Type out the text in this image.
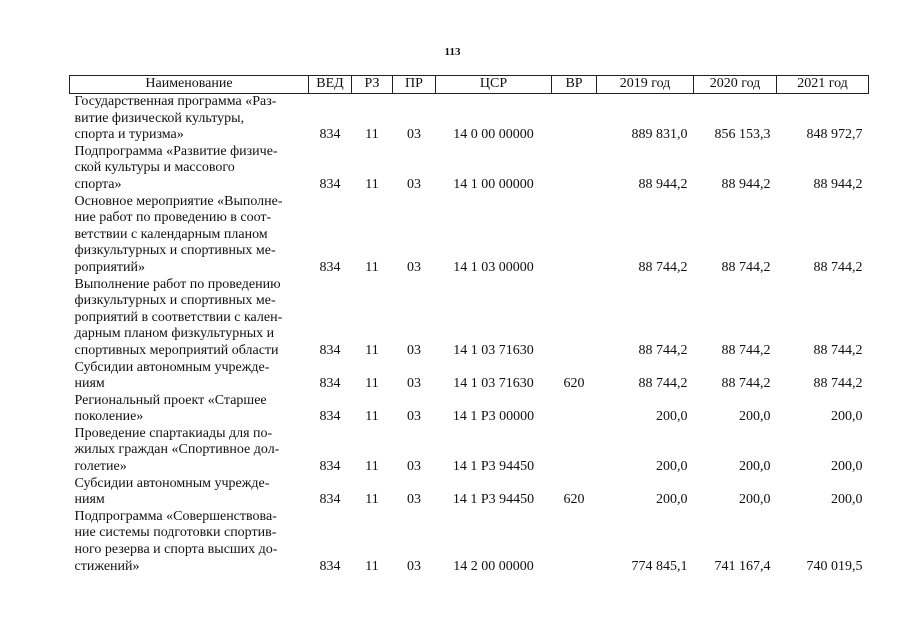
113
Наименование	ВЕД	РЗ	ПР	ЦСР	ВР	2019 год	2020 год	2021 год
Государственная программа «Раз-
витие физической культуры,
спорта и туризма»	834	11	03	14 0 00 00000		889 831,0	856 153,3	848 972,7
Подпрограмма «Развитие физиче-
ской культуры и массового
спорта»	834	11	03	14 1 00 00000		88 944,2	88 944,2	88 944,2
Основное мероприятие «Выполне-
ние работ по проведению в соот-
ветствии с календарным планом
физкультурных и спортивных ме-
роприятий»	834	11	03	14 1 03 00000		88 744,2	88 744,2	88 744,2
Выполнение работ по проведению
физкультурных и спортивных ме-
роприятий в соответствии с кален-
дарным планом физкультурных и
спортивных мероприятий области	834	11	03	14 1 03 71630		88 744,2	88 744,2	88 744,2
Субсидии автономным учрежде-
ниям	834	11	03	14 1 03 71630	620	88 744,2	88 744,2	88 744,2
Региональный проект «Старшее
поколение»	834	11	03	14 1 P3 00000		200,0	200,0	200,0
Проведение спартакиады для по-
жилых граждан «Спортивное дол-
голетие»	834	11	03	14 1 P3 94450		200,0	200,0	200,0
Субсидии автономным учрежде-
ниям	834	11	03	14 1 P3 94450	620	200,0	200,0	200,0
Подпрограмма «Совершенствова-
ние системы подготовки спортив-
ного резерва и спорта высших до-
стижений»	834	11	03	14 2 00 00000		774 845,1	741 167,4	740 019,5
